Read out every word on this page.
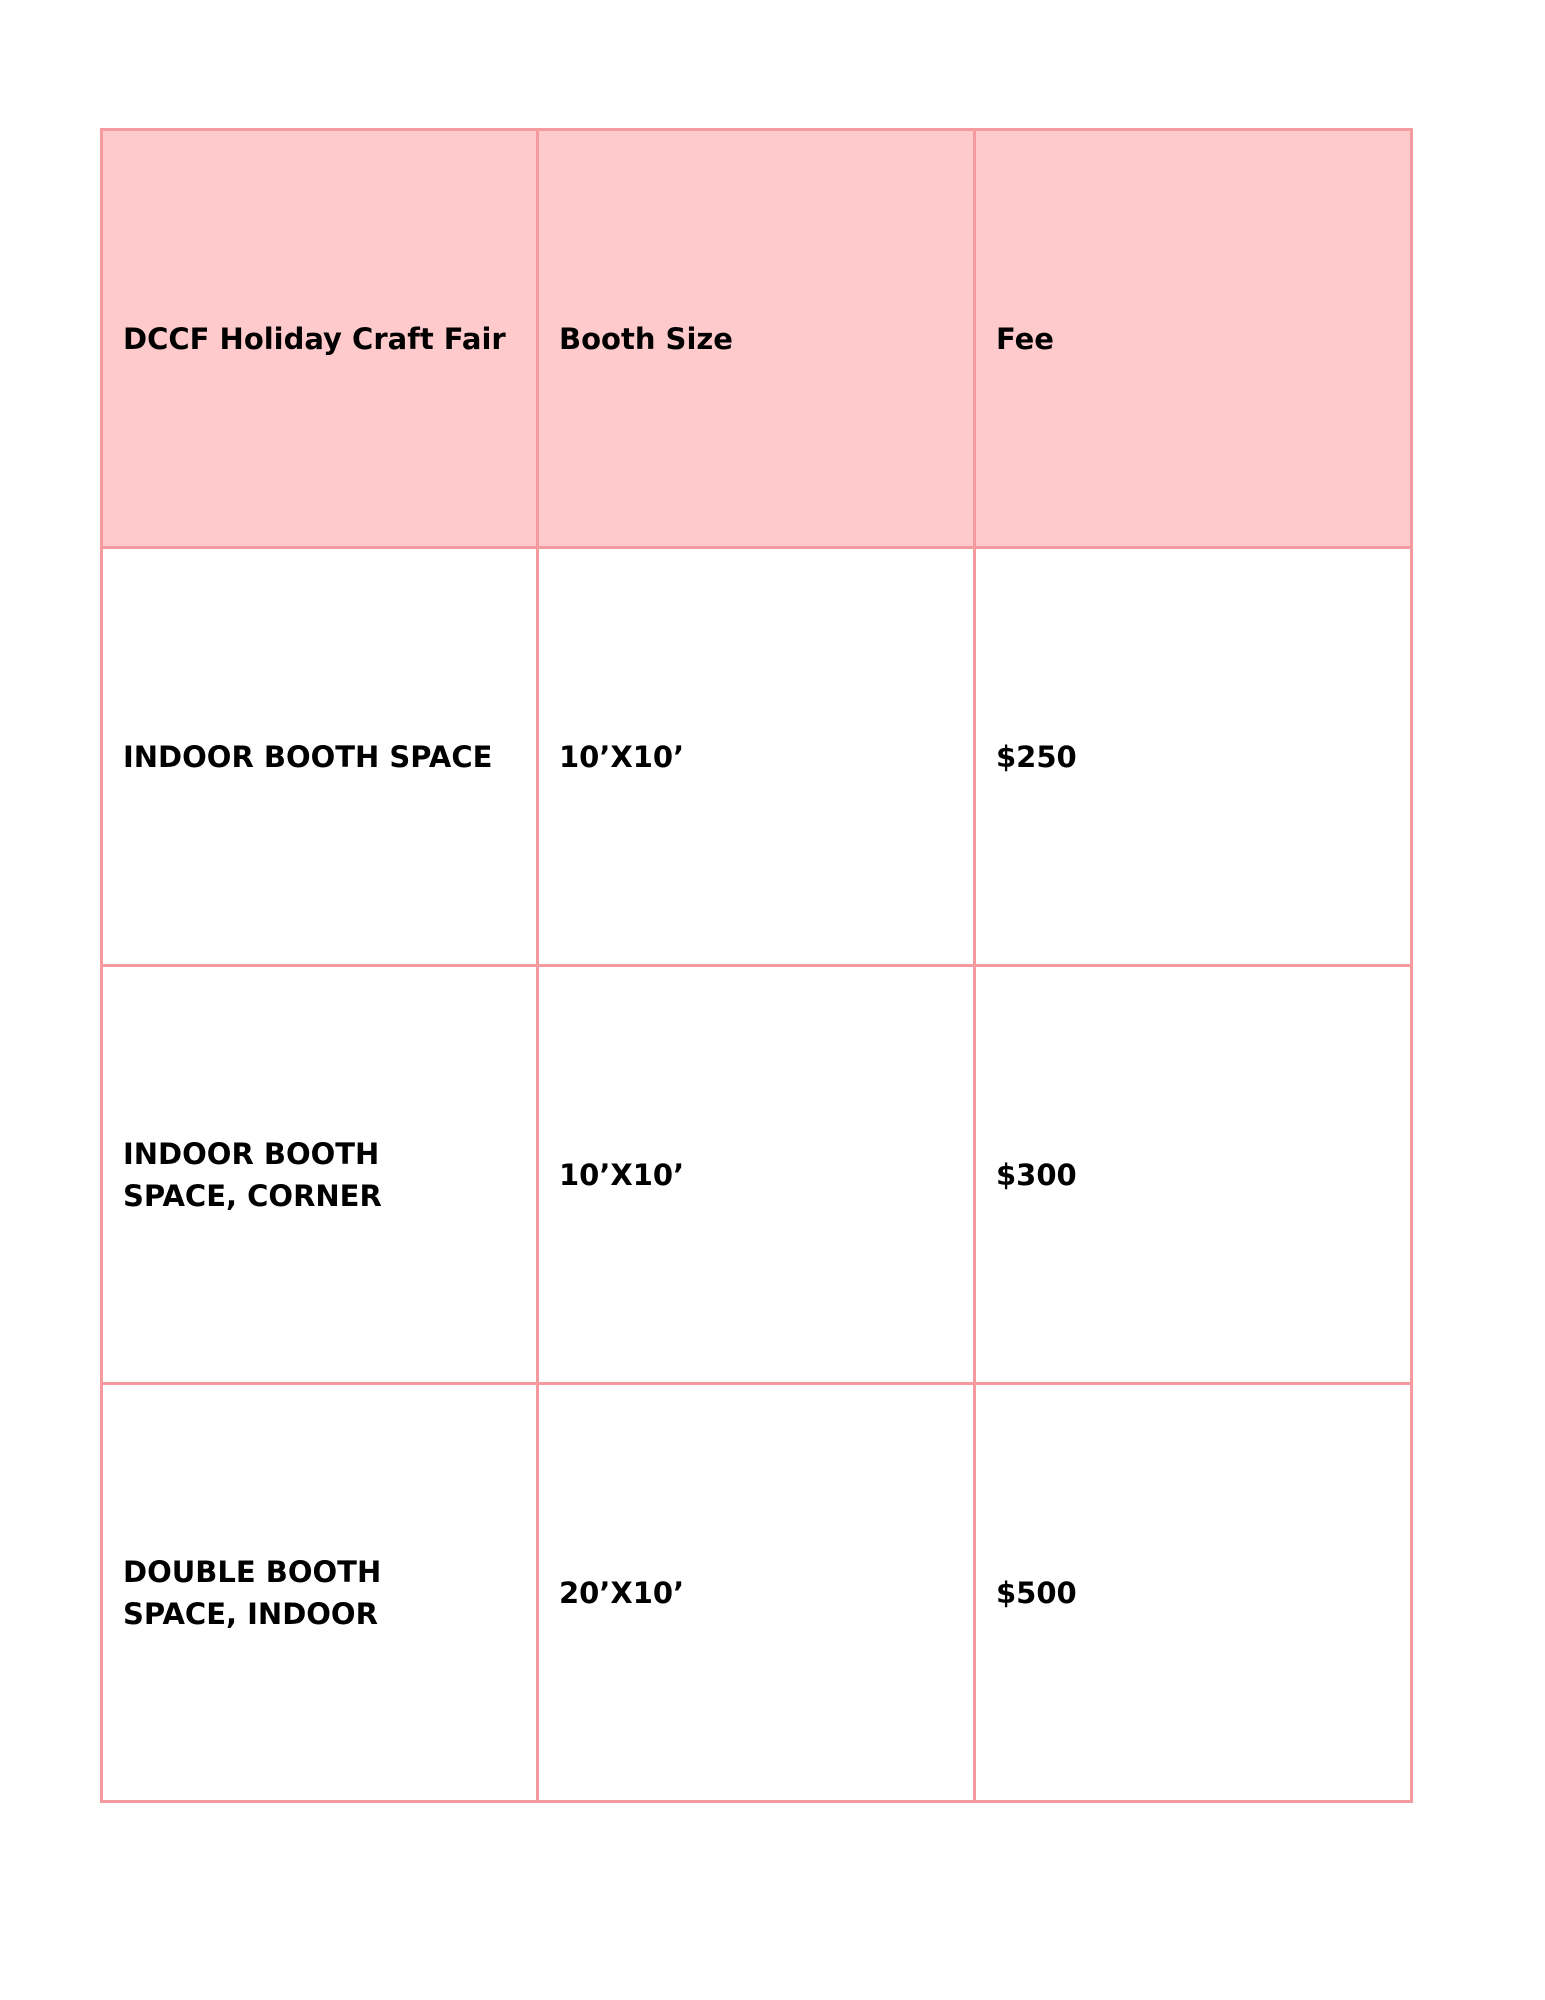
DCCF Holiday Craft Fair	Booth Size	Fee
INDOOR BOOTH SPACE	10’X10’	$250
INDOOR BOOTH SPACE, CORNER	10’X10’	$300
DOUBLE BOOTH SPACE, INDOOR	20’X10’	$500
